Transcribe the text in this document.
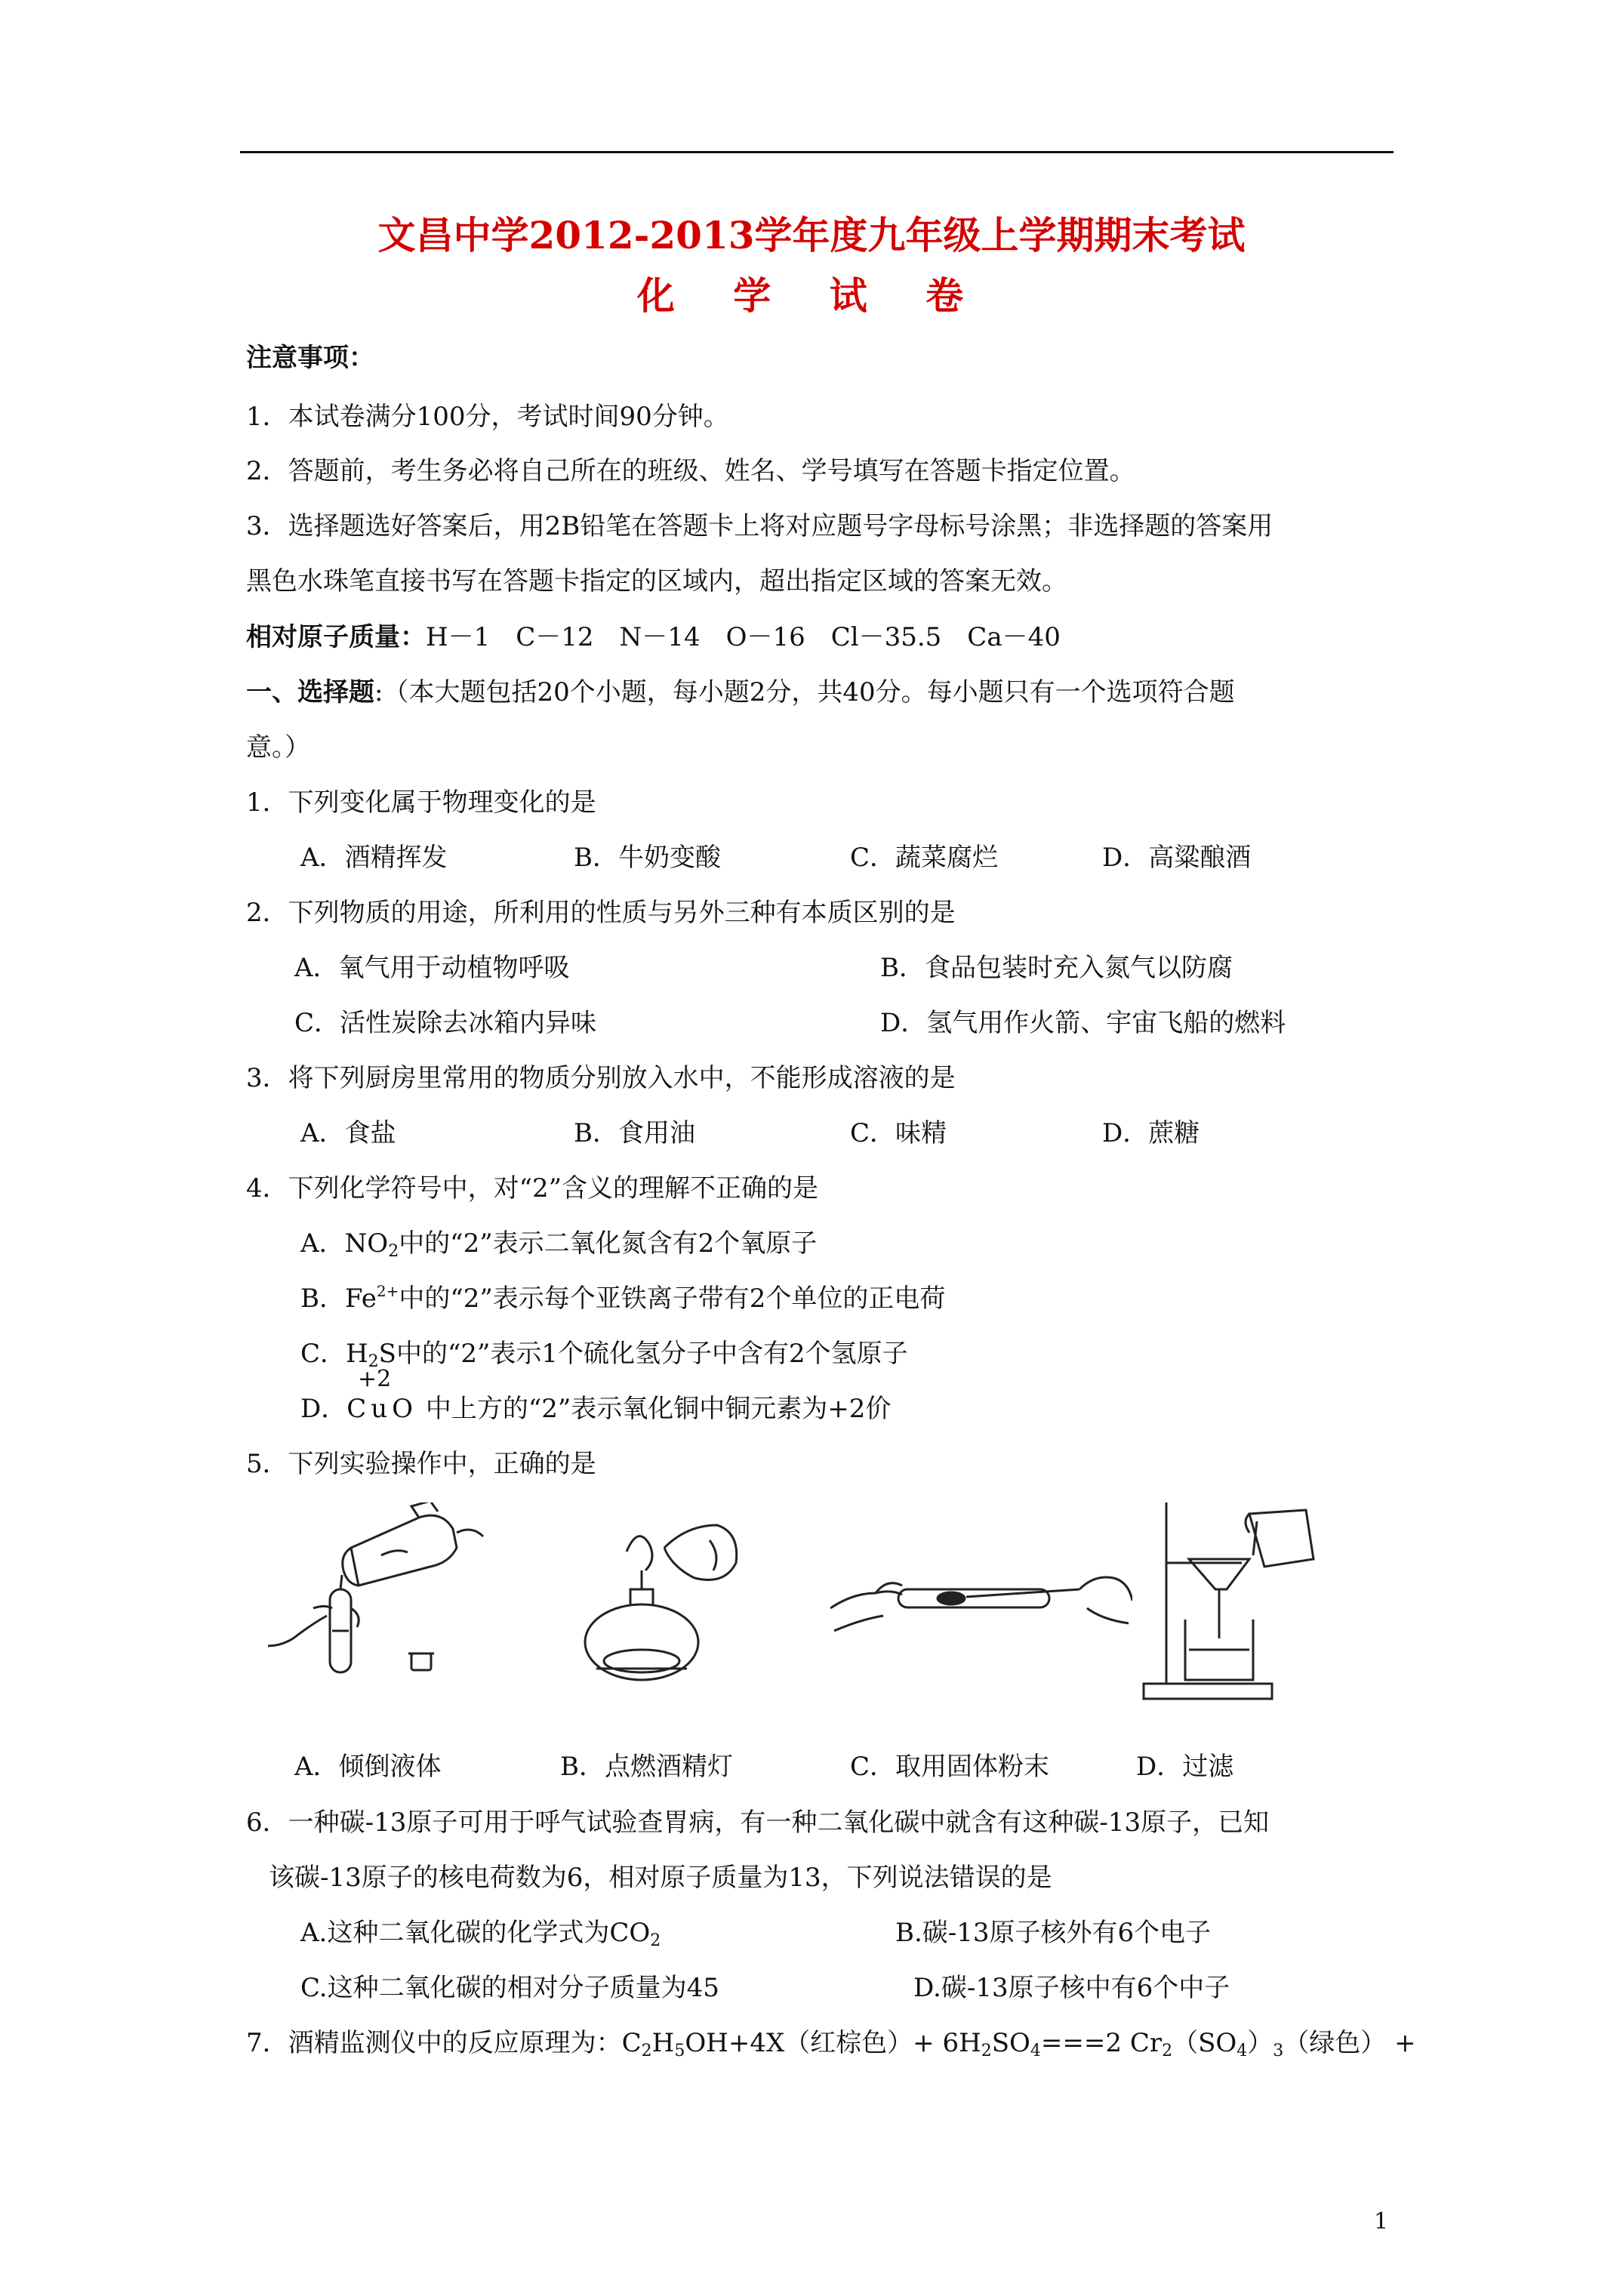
文昌中学2012-2013学年度九年级上学期期末考试
化 学 试 卷
注意事项：
1．本试卷满分100分，考试时间90分钟。
2．答题前，考生务必将自己所在的班级、姓名、学号填写在答题卡指定位置。
3．选择题选好答案后，用2B铅笔在答题卡上将对应题号字母标号涂黑；非选择题的答案用
黑色水珠笔直接书写在答题卡指定的区域内，超出指定区域的答案无效。
相对原子质量：H－1　C－12　N－14　O－16　Cl－35.5　Ca－40
一、选择题:（本大题包括20个小题，每小题2分，共40分。每小题只有一个选项符合题
意。）
1．下列变化属于物理变化的是
A．酒精挥发	B．牛奶变酸	C．蔬菜腐烂	D．高粱酿酒
2．下列物质的用途，所利用的性质与另外三种有本质区别的是
A．氧气用于动植物呼吸	B．食品包装时充入氮气以防腐
C．活性炭除去冰箱内异味	D．氢气用作火箭、宇宙飞船的燃料
3．将下列厨房里常用的物质分别放入水中，不能形成溶液的是
A．食盐	B．食用油	C．味精	D．蔗糖
4．下列化学符号中，对“2”含义的理解不正确的是
A．$NO_2$中的“2”表示二氧化氮含有2个氧原子
B．$Fe^{2+}$中的“2”表示每个亚铁离子带有2个单位的正电荷
C．$H_2S$中的“2”表示1个硫化氢分子中含有2个氢原子
+2
D．CuO 中上方的“2”表示氧化铜中铜元素为+2价
5．下列实验操作中，正确的是
A．倾倒液体	B．点燃酒精灯	C．取用固体粉末	D．过滤
6．一种碳-13原子可用于呼气试验查胃病，有一种二氧化碳中就含有这种碳-13原子，已知
该碳-13原子的核电荷数为6，相对原子质量为13，下列说法错误的是
A.这种二氧化碳的化学式为$CO_2$	B.碳-13原子核外有6个电子
C.这种二氧化碳的相对分子质量为45	D.碳-13原子核中有6个中子
7．酒精监测仪中的反应原理为：$C_2H_5OH+4X$（红棕色）+ $6H_2SO_4===2$ $Cr_2(SO_4)_3$（绿色） +
1
